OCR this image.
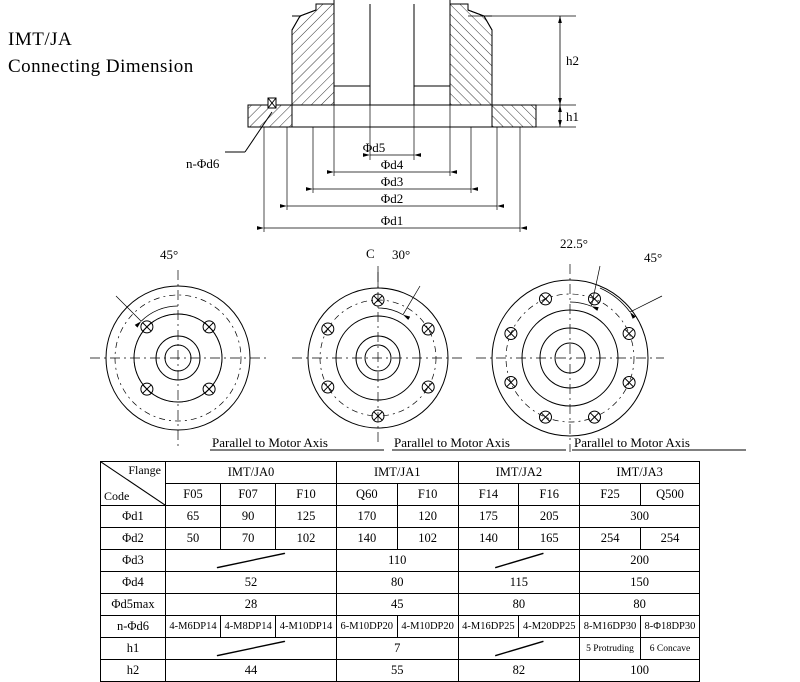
IMT/JA
Connecting Dimension
n-Φd6
h2
h1
Φd5
Φd4
Φd3
Φd2
Φd1
45°	C 30°
22.5°
45°
Parallel to Motor Axis	Parallel to Motor Axis	Parallel to Motor Axis
Flange
Code	IMT/JA0			IMT/JA1		IMT/JA2		IMT/JA3	
	F05	F07	F10	Q60	F10	F14	F16	F25	Q500
Φd1	65	90	125	170	120	175	205	300	
Φd2	50	70	102	140	102	140	165	254	254
Φd3				110				200	
Φd4	52			80		115		150	
Φd5max	28			45		80		80	
n-Φd6	4-M6DP14	4-M8DP14	4-M10DP14	6-M10DP20	4-M10DP20	4-M16DP25	4-M20DP25	8-M16DP30	8-Φ18DP30
h1				7				5 Protruding	6 Concave
h2	44			55		82		100	
